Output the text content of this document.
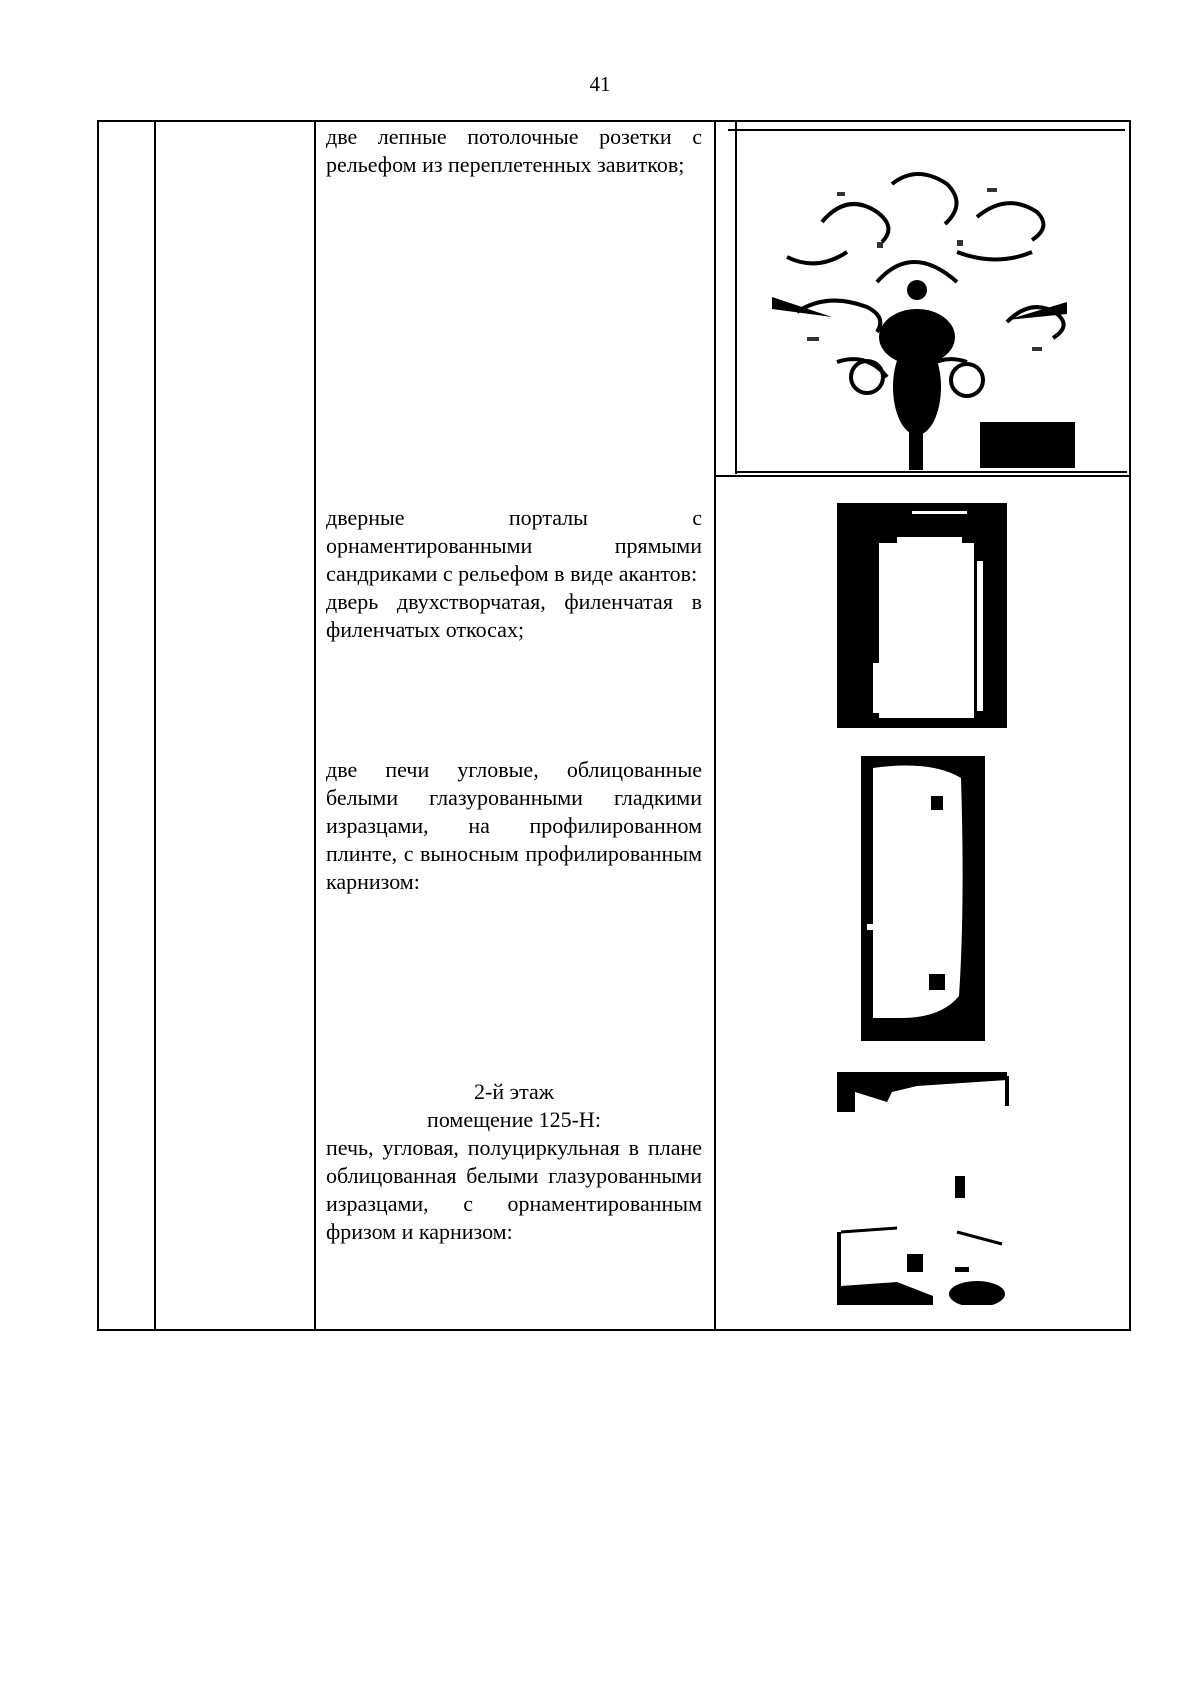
41

две лепные потолочные розетки с рельефом из переплетенных завитков;

дверные порталы с орнаментированными прямыми сандриками с рельефом в виде акантов:

дверь двухстворчатая, филенчатая в филенчатых откосах;

две печи угловые, облицованные белыми глазурованными гладкими изразцами, на профилированном плинте, с выносным профилированным карнизом:

2-й этаж

помещение 125-Н:

печь, угловая, полуциркульная в плане облицованная белыми глазурованными изразцами, с орнаментированным фризом и карнизом:
